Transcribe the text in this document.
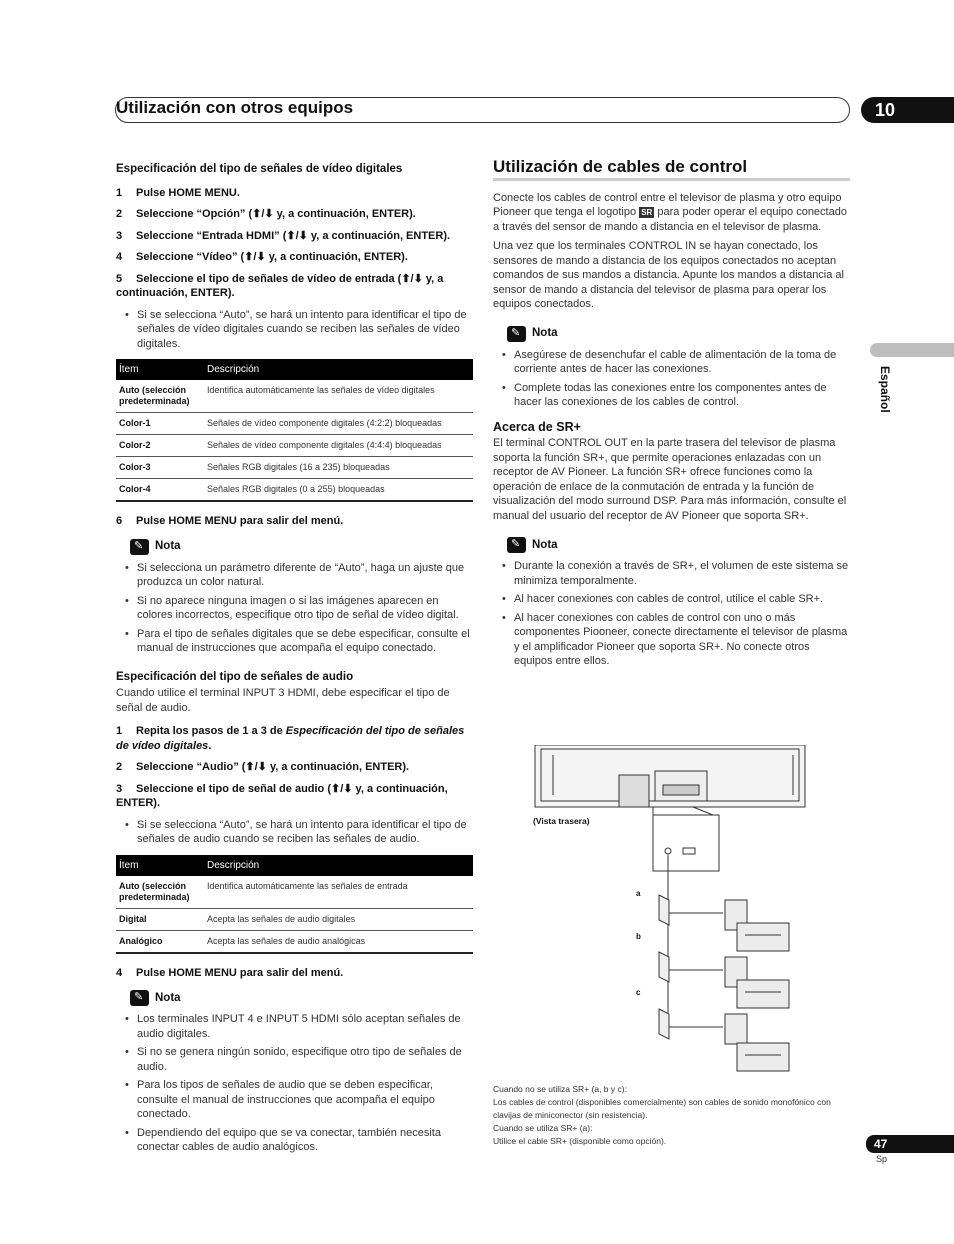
Utilización con otros equipos	10
Español
Especificación del tipo de señales de vídeo digitales
1 Pulse HOME MENU.
2 Seleccione “Opción” (⬆/⬇ y, a continuación, ENTER).
3 Seleccione “Entrada HDMI” (⬆/⬇ y, a continuación, ENTER).
4 Seleccione “Vídeo” (⬆/⬇ y, a continuación, ENTER).
5 Seleccione el tipo de señales de vídeo de entrada (⬆/⬇ y, a continuación, ENTER).
• Si se selecciona “Auto”, se hará un intento para identificar el tipo de señales de vídeo digitales cuando se reciben las señales de vídeo digitales.
Ítem	Descripción
Auto (selección predeterminada)	Identifica automáticamente las señales de vídeo digitales
Color-1	Señales de vídeo componente digitales (4:2:2) bloqueadas
Color-2	Señales de vídeo componente digitales (4:4:4) bloqueadas
Color-3	Señales RGB digitales (16 a 235) bloqueadas
Color-4	Señales RGB digitales (0 a 255) bloqueadas
6 Pulse HOME MENU para salir del menú.
✎
Nota
• Si selecciona un parámetro diferente de “Auto”, haga un ajuste que produzca un color natural.
• Si no aparece ninguna imagen o si las imágenes aparecen en colores incorrectos, especifique otro tipo de señal de vídeo digital.
• Para el tipo de señales digitales que se debe especificar, consulte el manual de instrucciones que acompaña el equipo conectado.
Especificación del tipo de señales de audio

Cuando utilice el terminal INPUT 3 HDMI, debe especificar el tipo de señal de audio.

1 Repita los pasos de 1 a 3 de Especificación del tipo de señales de vídeo digitales.
2 Seleccione “Audio” (⬆/⬇ y, a continuación, ENTER).
3 Seleccione el tipo de señal de audio (⬆/⬇ y, a continuación, ENTER).
• Si se selecciona “Auto”, se hará un intento para identificar el tipo de señales de audio cuando se reciben las señales de audio.
Ítem	Descripción
Auto (selección predeterminada)	Identifica automáticamente las señales de entrada
Digital	Acepta las señales de audio digitales
Analógico	Acepta las señales de audio analógicas
4 Pulse HOME MENU para salir del menú.
✎
Nota
• Los terminales INPUT 4 e INPUT 5 HDMI sólo aceptan señales de audio digitales.
• Si no se genera ningún sonido, especifique otro tipo de señales de audio.
• Para los tipos de señales de audio que se deben especificar, consulte el manual de instrucciones que acompaña el equipo conectado.
• Dependiendo del equipo que se va conectar, también necesita conectar cables de audio analógicos.
Utilización de cables de control

Conecte los cables de control entre el televisor de plasma y otro equipo Pioneer que tenga el logotipo SR para poder operar el equipo conectado a través del sensor de mando a distancia en el televisor de plasma.

Una vez que los terminales CONTROL IN se hayan conectado, los sensores de mando a distancia de los equipos conectados no aceptan comandos de sus mandos a distancia. Apunte los mandos a distancia al sensor de mando a distancia del televisor de plasma para operar los equipos conectados.

✎
Nota
• Asegúrese de desenchufar el cable de alimentación de la toma de corriente antes de hacer las conexiones.
• Complete todas las conexiones entre los componentes antes de hacer las conexiones de los cables de control.
Acerca de SR+

El terminal CONTROL OUT en la parte trasera del televisor de plasma soporta la función SR+, que permite operaciones enlazadas con un receptor de AV Pioneer. La función SR+ ofrece funciones como la operación de enlace de la conmutación de entrada y la función de visualización del modo surround DSP. Para más información, consulte el manual del usuario del receptor de AV Pioneer que soporta SR+.

✎
Nota
• Durante la conexión a través de SR+, el volumen de este sistema se minimiza temporalmente.
• Al hacer conexiones con cables de control, utilice el cable SR+.
• Al hacer conexiones con cables de control con uno o más componentes Piooneer, conecte directamente el televisor de plasma y el amplificador Pioneer que soporta SR+. No conecte otros equipos entre ellos.
(Vista trasera)
a
b
c
Cuando no se utiliza SR+ (a, b y c):
Los cables de control (disponibles comercialmente) son cables de sonido monofónico con clavijas de miniconector (sin resistencia).
Cuando se utiliza SR+ (a):
Utilice el cable SR+ (disponible como opción).	47
Sp
